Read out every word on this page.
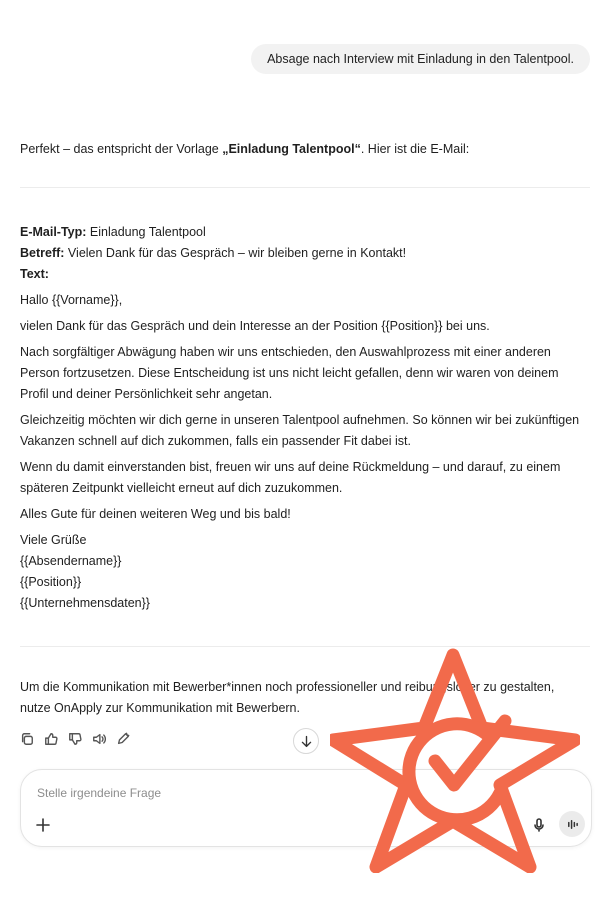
Absage nach Interview mit Einladung in den Talentpool.
Perfekt – das entspricht der Vorlage „Einladung Talentpool“. Hier ist die E-Mail:

E-Mail-Typ: Einladung Talentpool

Betreff: Vielen Dank für das Gespräch – wir bleiben gerne in Kontakt!

Text:

Hallo {{Vorname}},

vielen Dank für das Gespräch und dein Interesse an der Position {{Position}} bei uns.

Nach sorgfältiger Abwägung haben wir uns entschieden, den Auswahlprozess mit einer anderen Person fortzusetzen. Diese Entscheidung ist uns nicht leicht gefallen, denn wir waren von deinem Profil und deiner Persönlichkeit sehr angetan.

Gleichzeitig möchten wir dich gerne in unseren Talentpool aufnehmen. So können wir bei zukünftigen Vakanzen schnell auf dich zukommen, falls ein passender Fit dabei ist.

Wenn du damit einverstanden bist, freuen wir uns auf deine Rückmeldung – und darauf, zu einem späteren Zeitpunkt vielleicht erneut auf dich zuzukommen.

Alles Gute für deinen weiteren Weg und bis bald!

Viele Grüße

{{Absendername}}

{{Position}}

{{Unternehmensdaten}}

Um die Kommunikation mit Bewerber*innen noch professioneller und reibungsloser zu gestalten, nutze OnApply zur Kommunikation mit Bewerbern.
Stelle irgendeine Frage
